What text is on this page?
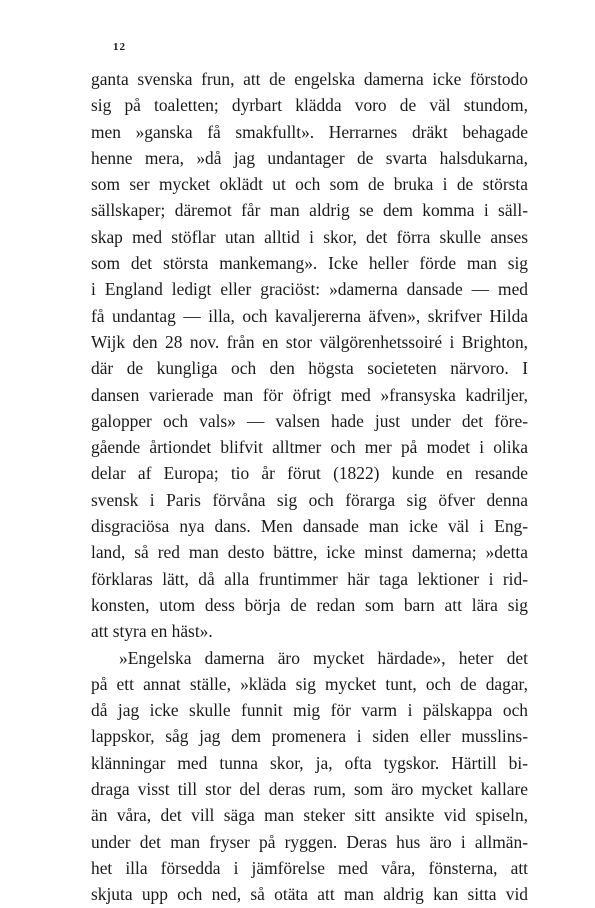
12
ganta svenska frun, att de engelska damerna icke förstodo
sig på toaletten; dyrbart klädda voro de väl stundom,
men »ganska få smakfullt». Herrarnes dräkt behagade
henne mera, »då jag undantager de svarta halsdukarna,
som ser mycket oklädt ut och som de bruka i de största
sällskaper; däremot får man aldrig se dem komma i säll-
skap med stöflar utan alltid i skor, det förra skulle anses
som det största mankemang». Icke heller förde man sig
i England ledigt eller graciöst: »damerna dansade — med
få undantag — illa, och kavaljererna äfven», skrifver Hilda
Wijk den 28 nov. från en stor välgörenhetssoiré i Brighton,
där de kungliga och den högsta societeten närvoro. I
dansen varierade man för öfrigt med »fransyska kadriljer,
galopper och vals» — valsen hade just under det före-
gående årtiondet blifvit alltmer och mer på modet i olika
delar af Europa; tio år förut (1822) kunde en resande
svensk i Paris förvåna sig och förarga sig öfver denna
disgraciösa nya dans. Men dansade man icke väl i Eng-
land, så red man desto bättre, icke minst damerna; »detta
förklaras lätt, då alla fruntimmer här taga lektioner i rid-
konsten, utom dess börja de redan som barn att lära sig
att styra en häst».
»Engelska damerna äro mycket härdade», heter det
på ett annat ställe, »kläda sig mycket tunt, och de dagar,
då jag icke skulle funnit mig för varm i pälskappa och
lappskor, såg jag dem promenera i siden eller musslins-
klänningar med tunna skor, ja, ofta tygskor. Härtill bi-
draga visst till stor del deras rum, som äro mycket kallare
än våra, det vill säga man steker sitt ansikte vid spiseln,
under det man fryser på ryggen. Deras hus äro i allmän-
het illa försedda i jämförelse med våra, fönsterna, att
skjuta upp och ned, så otäta att man aldrig kan sitta vid
